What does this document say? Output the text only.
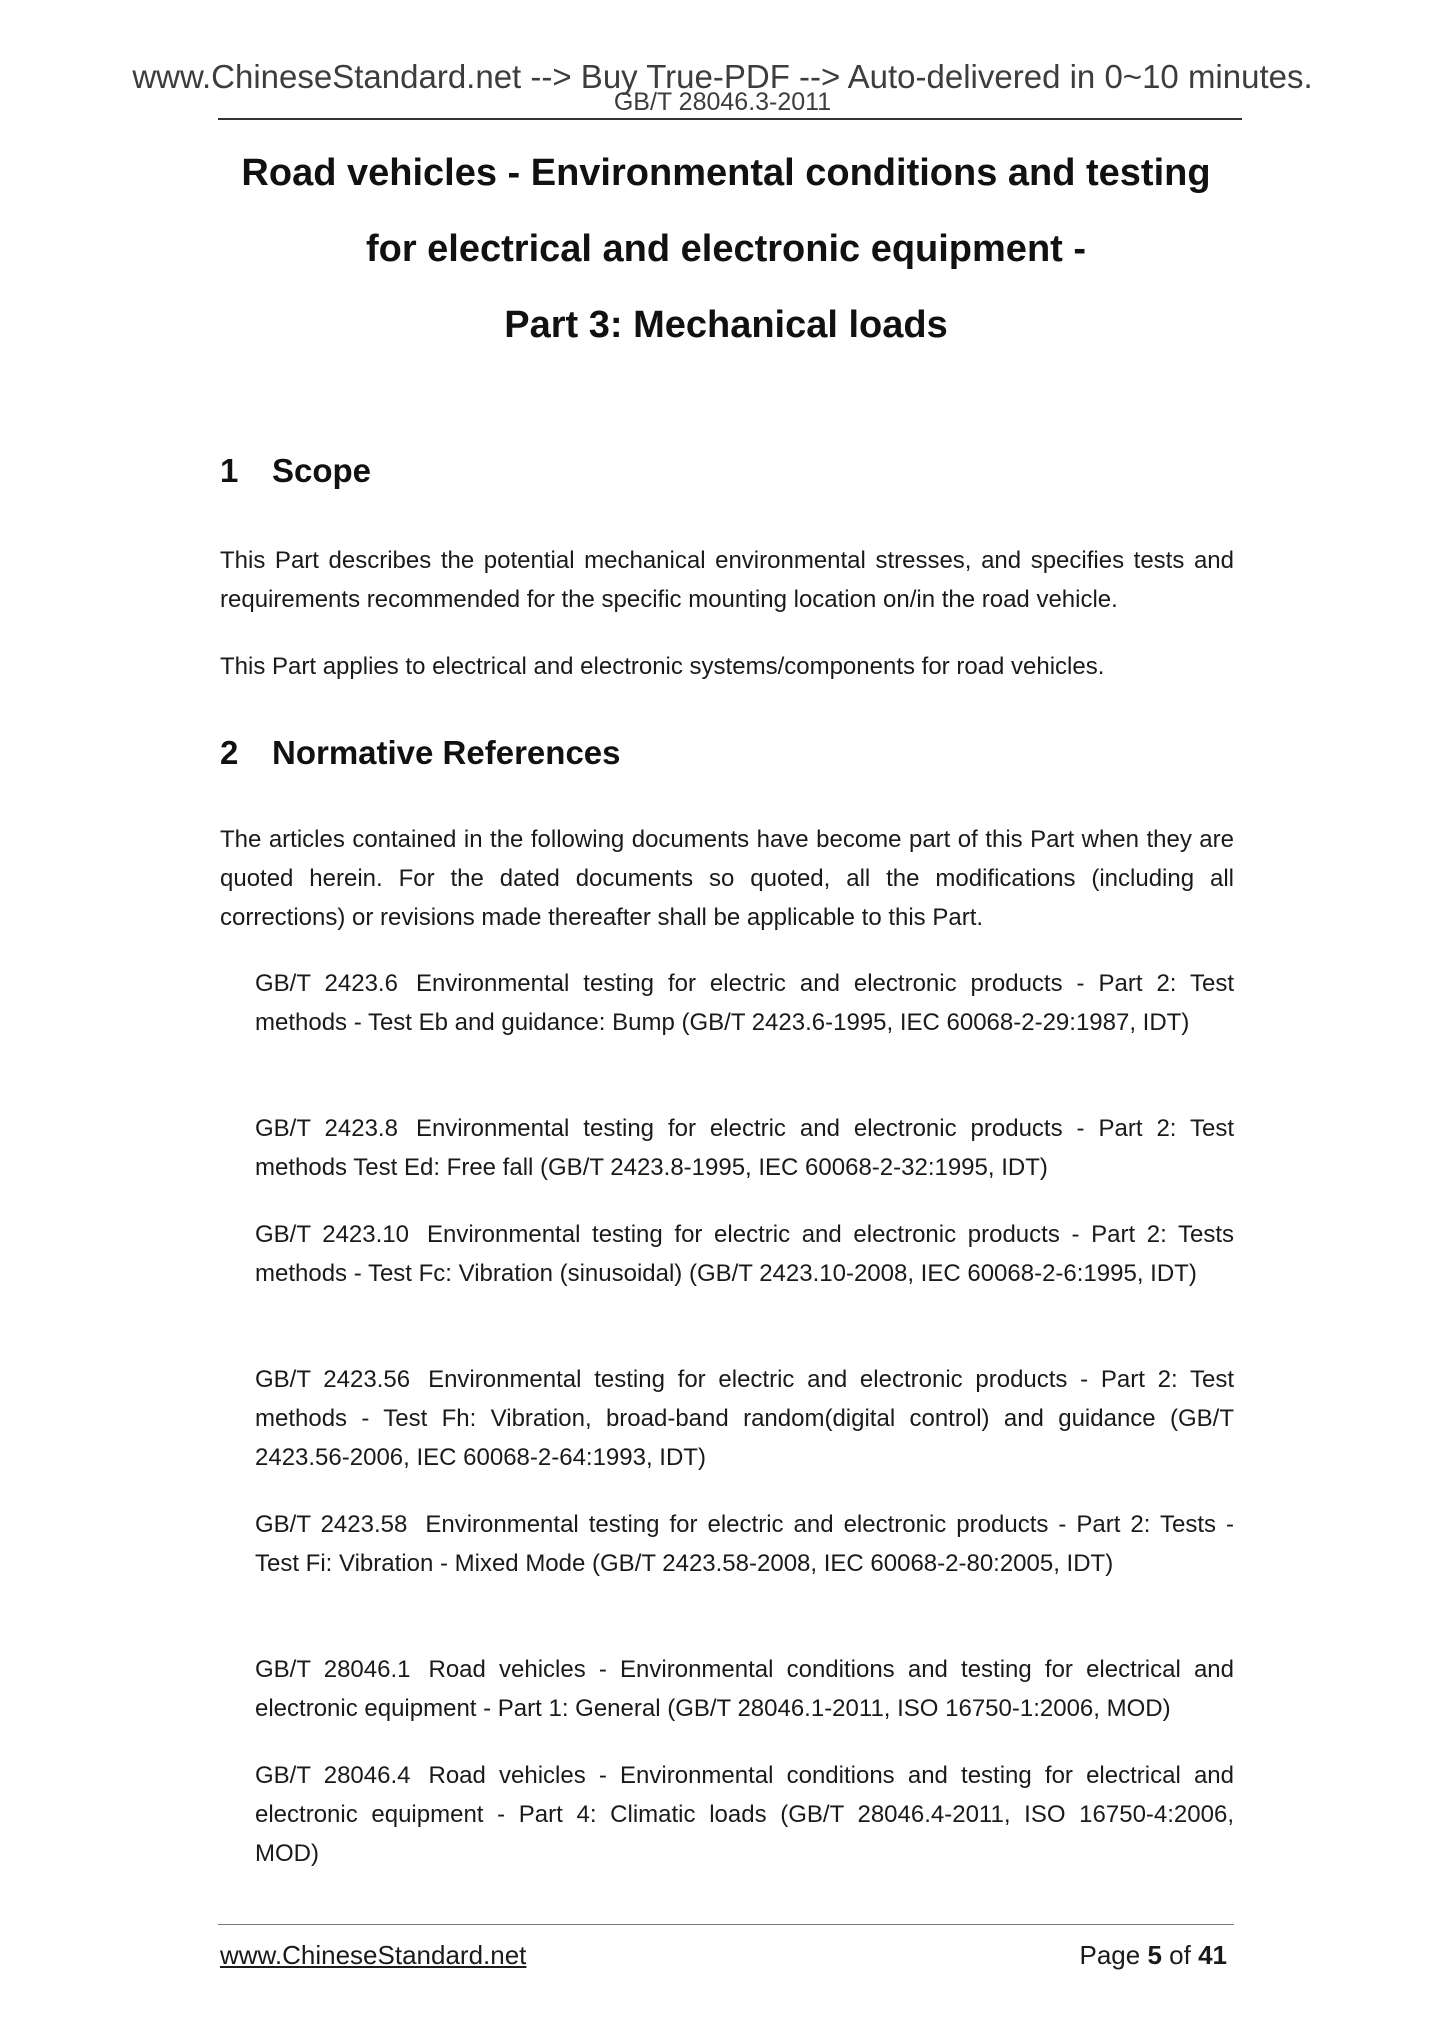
www.ChineseStandard.net --> Buy True-PDF --> Auto-delivered in 0~10 minutes.
GB/T 28046.3-2011
Road vehicles - Environmental conditions and testing
for electrical and electronic equipment -
Part 3: Mechanical loads
1 Scope
This Part describes the potential mechanical environmental stresses, and specifies tests and requirements recommended for the specific mounting location on/in the road vehicle.
This Part applies to electrical and electronic systems/components for road vehicles.
2 Normative References
The articles contained in the following documents have become part of this Part when they are quoted herein. For the dated documents so quoted, all the modifications (including all corrections) or revisions made thereafter shall be applicable to this Part.
GB/T 2423.6 Environmental testing for electric and electronic products - Part 2: Test methods - Test Eb and guidance: Bump (GB/T 2423.6-1995, IEC 60068-2-29:1987, IDT)
GB/T 2423.8 Environmental testing for electric and electronic products - Part 2: Test methods Test Ed: Free fall (GB/T 2423.8-1995, IEC 60068-2-32:1995, IDT)
GB/T 2423.10 Environmental testing for electric and electronic products - Part 2: Tests methods - Test Fc: Vibration (sinusoidal) (GB/T 2423.10-2008, IEC 60068-2-6:1995, IDT)
GB/T 2423.56 Environmental testing for electric and electronic products - Part 2: Test methods - Test Fh: Vibration, broad-band random(digital control) and guidance (GB/T 2423.56-2006, IEC 60068-2-64:1993, IDT)
GB/T 2423.58 Environmental testing for electric and electronic products - Part 2: Tests -Test Fi: Vibration - Mixed Mode (GB/T 2423.58-2008, IEC 60068-2-80:2005, IDT)
GB/T 28046.1 Road vehicles - Environmental conditions and testing for electrical and electronic equipment - Part 1: General (GB/T 28046.1-2011, ISO 16750-1:2006, MOD)
GB/T 28046.4 Road vehicles - Environmental conditions and testing for electrical and electronic equipment - Part 4: Climatic loads (GB/T 28046.4-2011, ISO 16750-4:2006, MOD)
www.ChineseStandard.net	Page 5 of 41
